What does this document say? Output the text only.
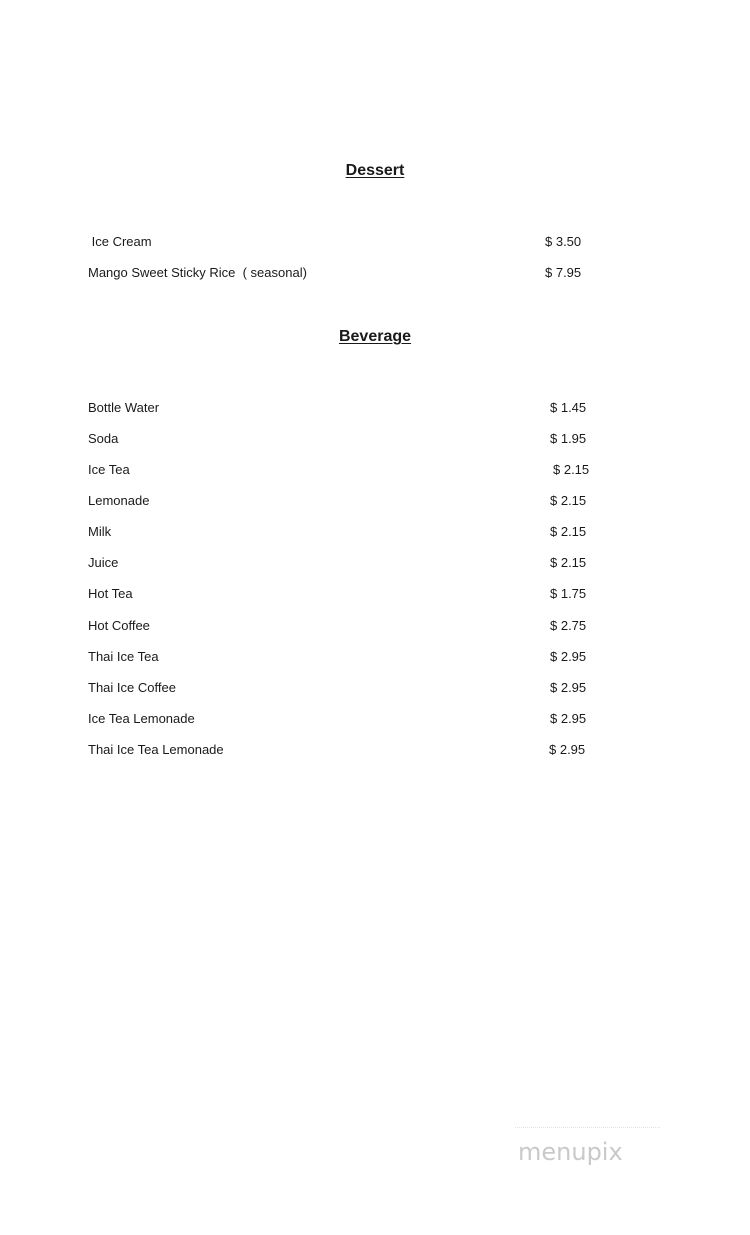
Dessert
Ice Cream	$ 3.50
Mango Sweet Sticky Rice  ( seasonal)	$ 7.95
Beverage
Bottle Water	$ 1.45
Soda	$ 1.95
Ice Tea	$ 2.15
Lemonade	$ 2.15
Milk	$ 2.15
Juice	$ 2.15
Hot Tea	$ 1.75
Hot Coffee	$ 2.75
Thai Ice Tea	$ 2.95
Thai Ice Coffee	$ 2.95
Ice Tea Lemonade	$ 2.95
Thai Ice Tea Lemonade	$ 2.95
menupix
